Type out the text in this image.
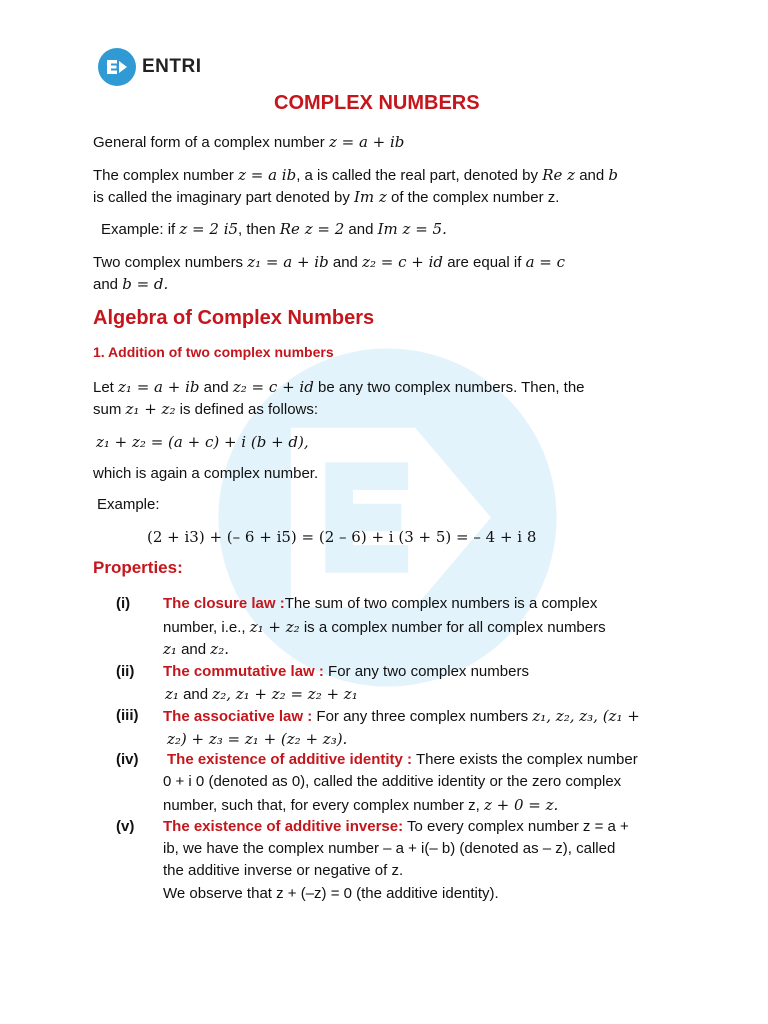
ENTRI
COMPLEX NUMBERS
General form of a complex number z = a + ib
The complex number z = a ib, a is called the real part, denoted by Re z and b
is called the imaginary part denoted by Im z of the complex number z.
Example: if z = 2 i5, then Re z = 2 and Im z = 5.
Two complex numbers z₁ = a + ib and z₂ = c + id are equal if a = c
and b = d.
Algebra of Complex Numbers
1. Addition of two complex numbers
Let z₁ = a + ib and z₂ = c + id be any two complex numbers. Then, the
sum z₁ + z₂ is defined as follows:
z₁ + z₂ = (a + c) + i (b + d),
which is again a complex number.
Example:
(2 + i3) + (– 6 + i5) = (2 – 6) + i (3 + 5) = – 4 + i 8
Properties:
(i) The closure law :The sum of two complex numbers is a complex
number, i.e., z₁ + z₂ is a complex number for all complex numbers
z₁ and z₂.
(ii) The commutative law : For any two complex numbers
z₁ and z₂, z₁ + z₂ = z₂ + z₁
(iii) The associative law : For any three complex numbers z₁, z₂, z₃, (z₁ +
z₂) + z₃ = z₁ + (z₂ + z₃).
(iv) The existence of additive identity : There exists the complex number
0 + i 0 (denoted as 0), called the additive identity or the zero complex
number, such that, for every complex number z, z + 0 = z.
(v) The existence of additive inverse: To every complex number z = a +
ib, we have the complex number – a + i(– b) (denoted as – z), called
the additive inverse or negative of z.
We observe that z + (–z) = 0 (the additive identity).
